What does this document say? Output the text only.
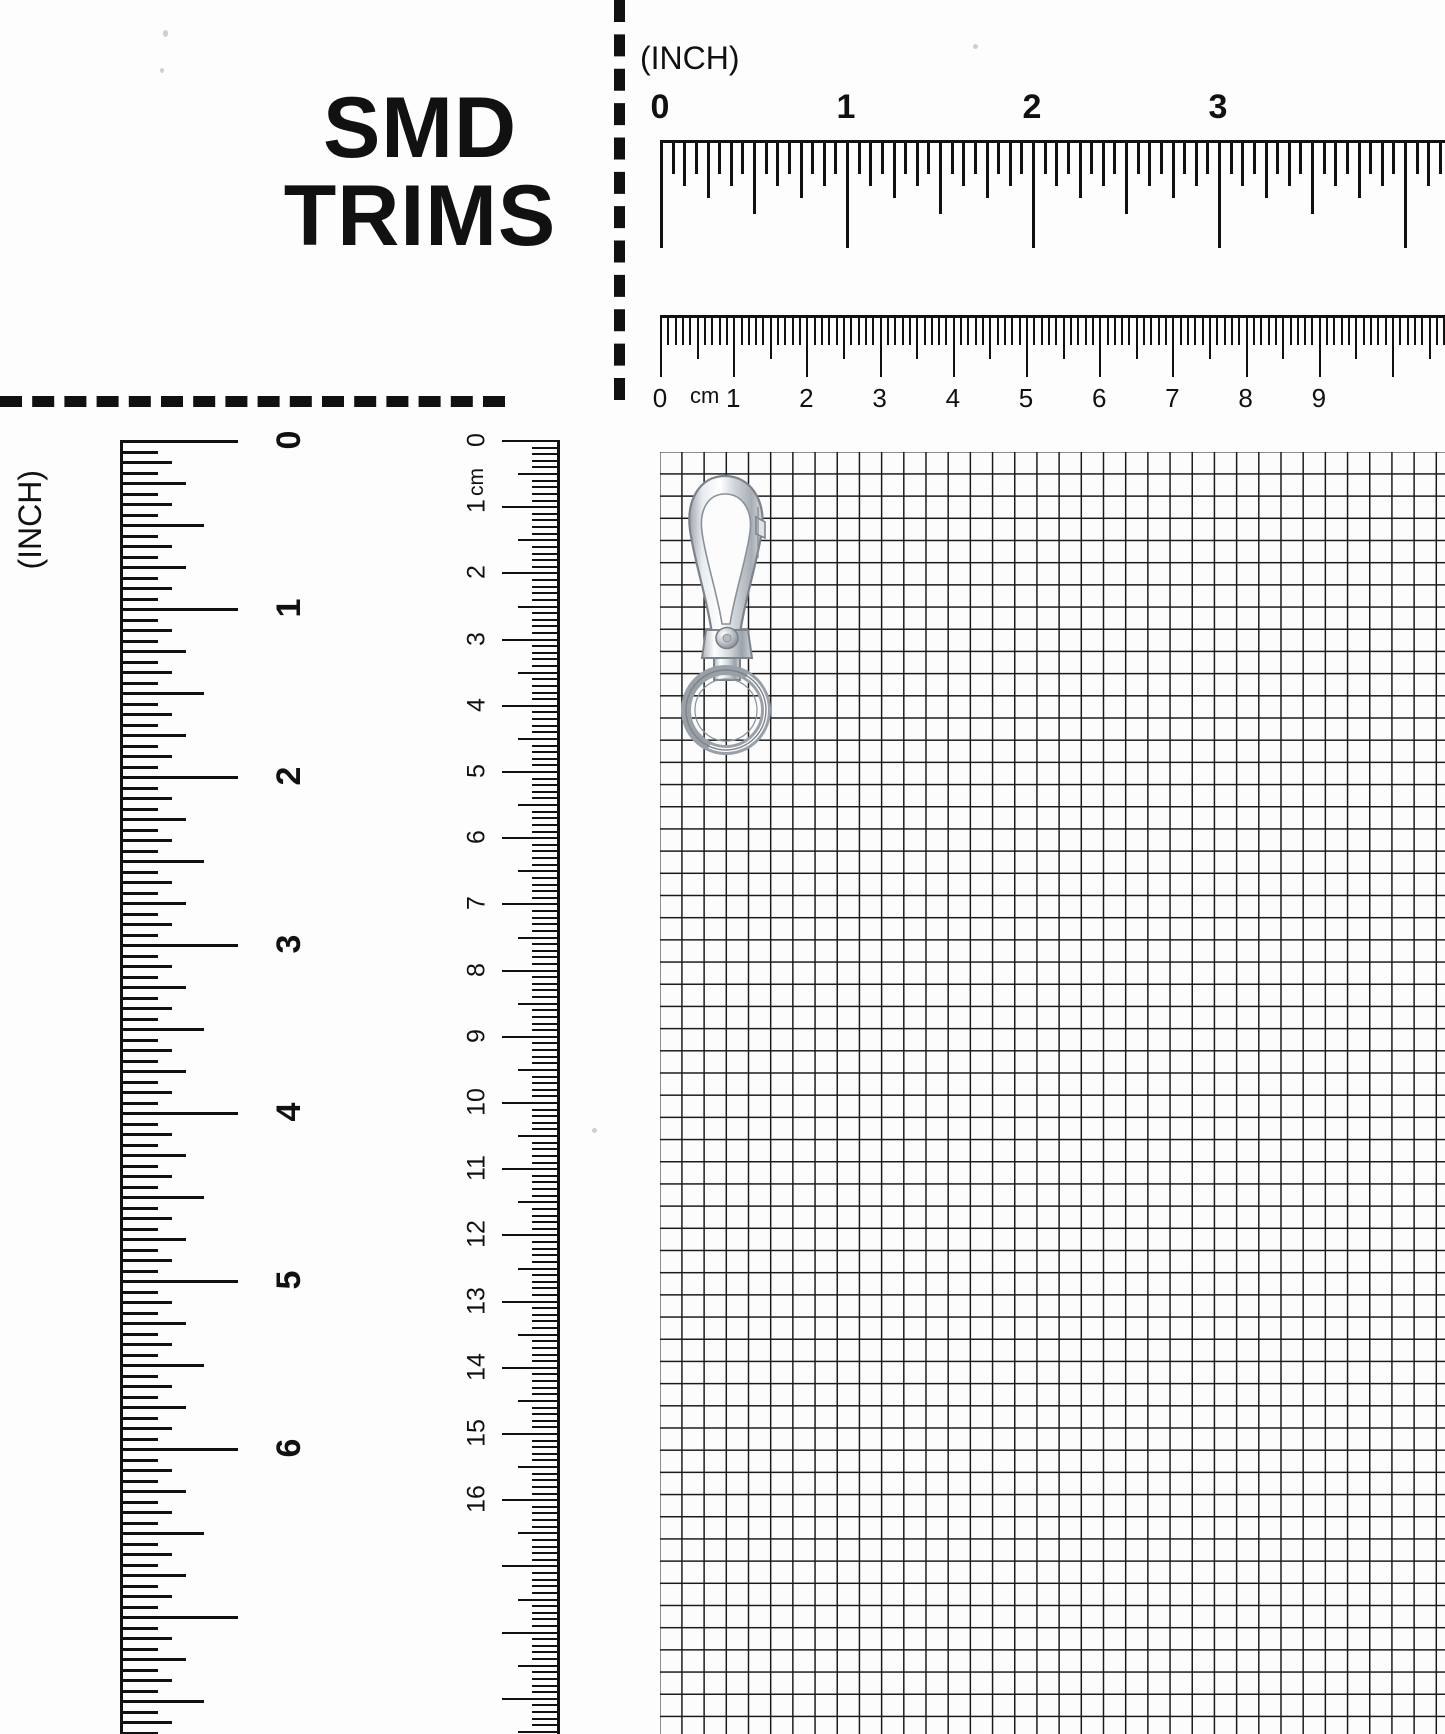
SMD
TRIMS
(INCH)
0	1	2	3
cm
0 1 2 3 4 5 6 7 8 9
(INCH)
0
1
2
3
4
5
6
cm
0
1
2
3
4
5
6
7
8
9
10
11
12
13
14
15
16
